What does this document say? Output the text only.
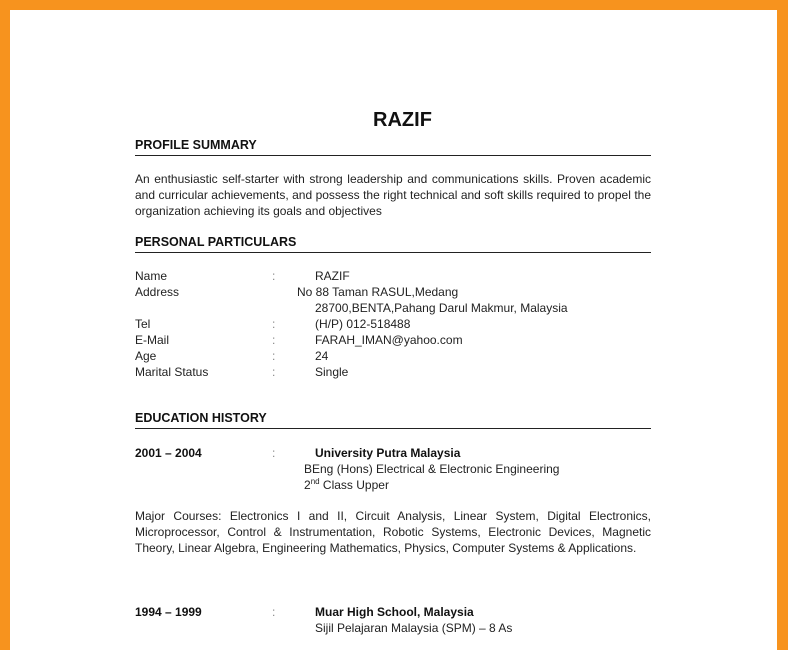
RAZIF
PROFILE SUMMARY

An enthusiastic self-starter with strong leadership and communications skills. Proven academic and curricular achievements, and possess the right technical and soft skills required to propel the organization achieving its goals and objectives

PERSONAL PARTICULARS
Name	:	RAZIF
Address	No 88 Taman RASUL,Medang
28700,BENTA,Pahang Darul Makmur, Malaysia
Tel	:	(H/P) 012-518488
E-Mail	:	FARAH_IMAN@yahoo.com
Age	:	24
Marital Status	:	Single
EDUCATION HISTORY
2001 – 2004	:	University Putra Malaysia
BEng (Hons) Electrical & Electronic Engineering
2nd Class Upper

Major Courses: Electronics I and II, Circuit Analysis, Linear System, Digital Electronics, Microprocessor, Control & Instrumentation, Robotic Systems, Electronic Devices, Magnetic Theory, Linear Algebra, Engineering Mathematics, Physics, Computer Systems & Applications.

1994 – 1999	:	Muar High School, Malaysia
Sijil Pelajaran Malaysia (SPM) – 8 As
